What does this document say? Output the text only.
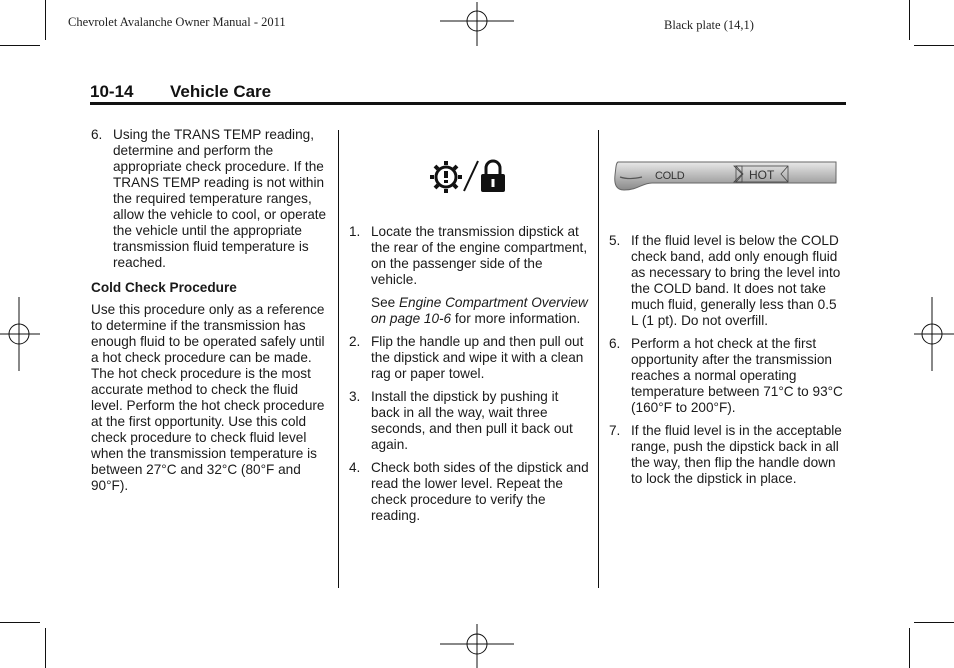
Chevrolet Avalanche Owner Manual - 2011	Black plate (14,1)
10-14 Vehicle Care
6. Using the TRANS TEMP reading, determine and perform the appropriate check procedure. If the TRANS TEMP reading is not within the required temperature ranges, allow the vehicle to cool, or operate the vehicle until the appropriate transmission fluid temperature is reached.

Cold Check Procedure

Use this procedure only as a reference to determine if the transmission has enough fluid to be operated safely until a hot check procedure can be made. The hot check procedure is the most accurate method to check the fluid level. Perform the hot check procedure at the first opportunity. Use this cold check procedure to check fluid level when the transmission temperature is between 27°C and 32°C (80°F and 90°F).

1. Locate the transmission dipstick at the rear of the engine compartment, on the passenger side of the vehicle.

See Engine Compartment Overview on page 10-6 for more information.

2. Flip the handle up and then pull out the dipstick and wipe it with a clean rag or paper towel.

3. Install the dipstick by pushing it back in all the way, wait three seconds, and then pull it back out again.

4. Check both sides of the dipstick and read the lower level. Repeat the check procedure to verify the reading.

COLD	HOT
5. If the fluid level is below the COLD check band, add only enough fluid as necessary to bring the level into the COLD band. It does not take much fluid, generally less than 0.5 L (1 pt). Do not overfill.

6. Perform a hot check at the first opportunity after the transmission reaches a normal operating temperature between 71°C to 93°C (160°F to 200°F).

7. If the fluid level is in the acceptable range, push the dipstick back in all the way, then flip the handle down to lock the dipstick in place.
